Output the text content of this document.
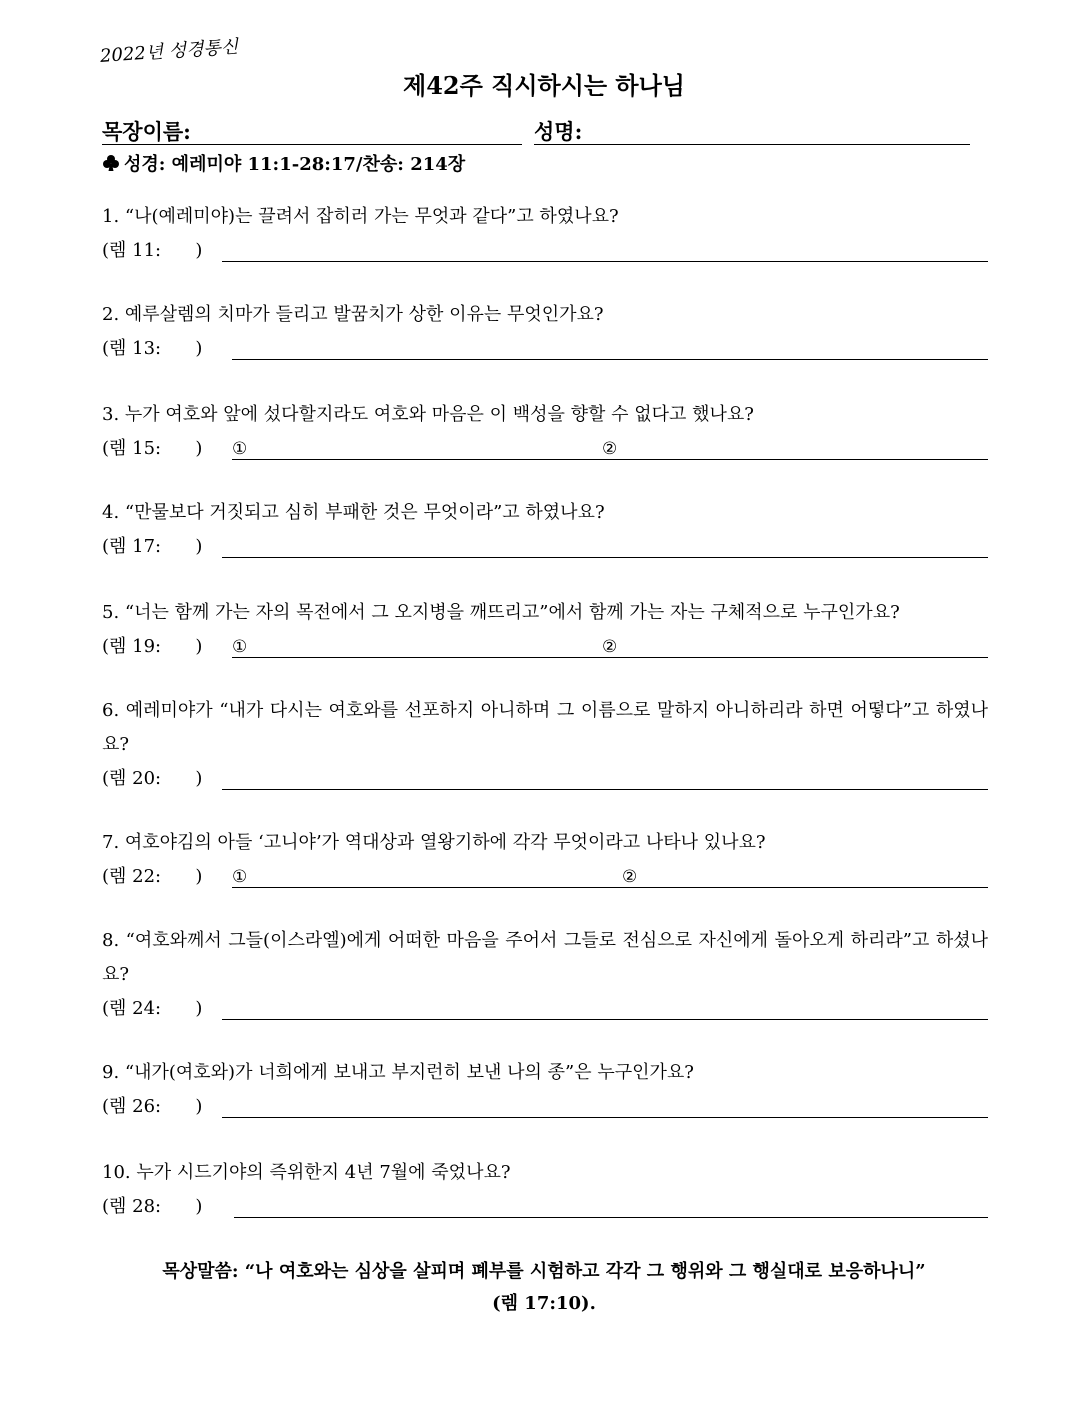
2022년 성경통신
제42주 직시하시는 하나님
목장이름:	성명:
성경: 예레미야 11:1-28:17/찬송: 214장
1. “나(예레미야)는 끌려서 잡히러 가는 무엇과 같다”고 하였나요?
(렘 11:      )
2. 예루살렘의 치마가 들리고 발꿈치가 상한 이유는 무엇인가요?
(렘 13:      )
3. 누가 여호와 앞에 섰다할지라도 여호와 마음은 이 백성을 향할 수 없다고 했나요?
(렘 15:      ) ①	②
4. “만물보다 거짓되고 심히 부패한 것은 무엇이라”고 하였나요?
(렘 17:      )
5. “너는 함께 가는 자의 목전에서 그 오지병을 깨뜨리고”에서 함께 가는 자는 구체적으로 누구인가요?
(렘 19:      ) ①	②
6. 예레미야가 “내가 다시는 여호와를 선포하지 아니하며 그 이름으로 말하지 아니하리라 하면 어떻다”고 하였나요?
(렘 20:      )
7. 여호야김의 아들 ‘고니야’가 역대상과 열왕기하에 각각 무엇이라고 나타나 있나요?
(렘 22:      ) ①	②
8. “여호와께서 그들(이스라엘)에게 어떠한 마음을 주어서 그들로 전심으로 자신에게 돌아오게 하리라”고 하셨나요?
(렘 24:      )
9. “내가(여호와)가 너희에게 보내고 부지런히 보낸 나의 종”은 누구인가요?
(렘 26:      )
10. 누가 시드기야의 즉위한지 4년 7월에 죽었나요?
(렘 28:      )
목상말씀: “나 여호와는 심상을 살피며 폐부를 시험하고 각각 그 행위와 그 행실대로 보응하나니”
(렘 17:10).
